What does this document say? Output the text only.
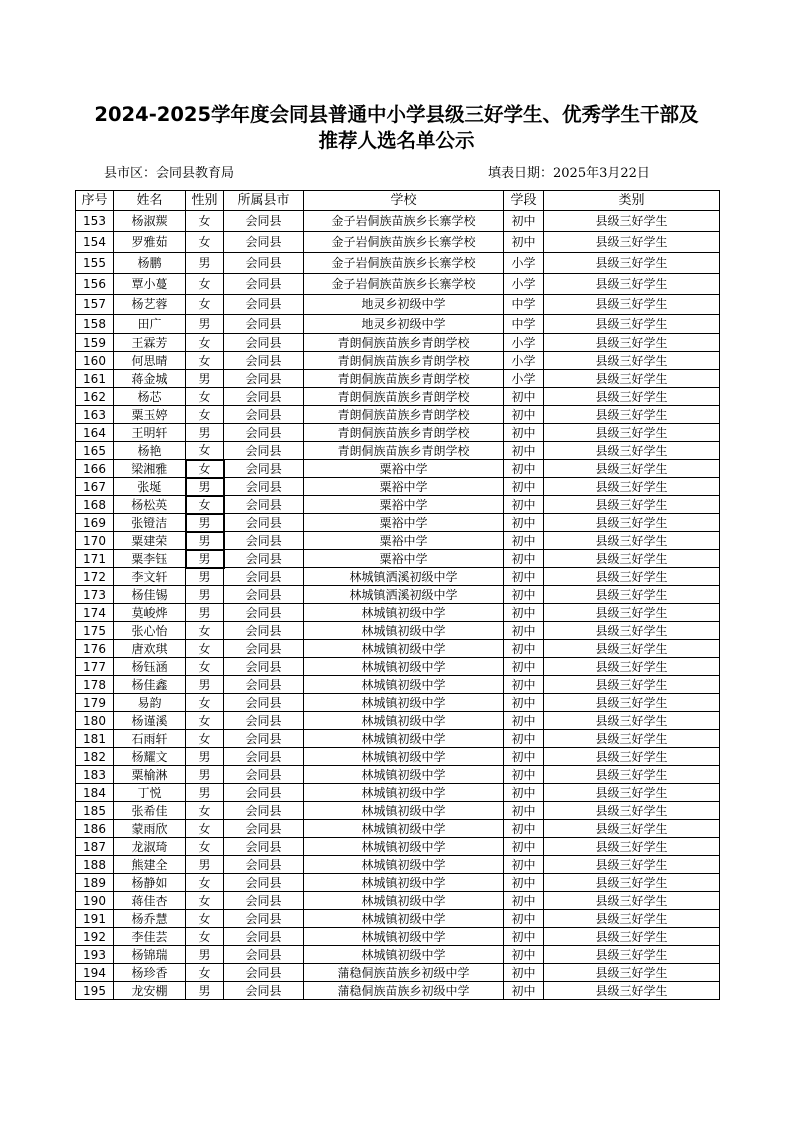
2024-2025学年度会同县普通中小学县级三好学生、优秀学生干部及
推荐人选名单公示
县市区：会同县教育局	填表日期：2025年3月22日
序号	姓名	性别	所属县市	学校	学段	类别
153	杨淑羰	女	会同县	金子岩侗族苗族乡长寨学校	初中	县级三好学生
154	罗雅茹	女	会同县	金子岩侗族苗族乡长寨学校	初中	县级三好学生
155	杨鹏	男	会同县	金子岩侗族苗族乡长寨学校	小学	县级三好学生
156	覃小蔓	女	会同县	金子岩侗族苗族乡长寨学校	小学	县级三好学生
157	杨艺蓉	女	会同县	地灵乡初级中学	中学	县级三好学生
158	田广	男	会同县	地灵乡初级中学	中学	县级三好学生
159	王霖芳	女	会同县	青朗侗族苗族乡青朗学校	小学	县级三好学生
160	何思晴	女	会同县	青朗侗族苗族乡青朗学校	小学	县级三好学生
161	蒋金城	男	会同县	青朗侗族苗族乡青朗学校	小学	县级三好学生
162	杨芯	女	会同县	青朗侗族苗族乡青朗学校	初中	县级三好学生
163	粟玉婷	女	会同县	青朗侗族苗族乡青朗学校	初中	县级三好学生
164	王明轩	男	会同县	青朗侗族苗族乡青朗学校	初中	县级三好学生
165	杨艳	女	会同县	青朗侗族苗族乡青朗学校	初中	县级三好学生
166	梁湘雅	女	会同县	粟裕中学	初中	县级三好学生
167	张埏	男	会同县	粟裕中学	初中	县级三好学生
168	杨松英	女	会同县	粟裕中学	初中	县级三好学生
169	张镫洁	男	会同县	粟裕中学	初中	县级三好学生
170	粟建荣	男	会同县	粟裕中学	初中	县级三好学生
171	粟李钰	男	会同县	粟裕中学	初中	县级三好学生
172	李文轩	男	会同县	林城镇洒溪初级中学	初中	县级三好学生
173	杨佳锡	男	会同县	林城镇洒溪初级中学	初中	县级三好学生
174	莫峻烨	男	会同县	林城镇初级中学	初中	县级三好学生
175	张心怡	女	会同县	林城镇初级中学	初中	县级三好学生
176	唐欢琪	女	会同县	林城镇初级中学	初中	县级三好学生
177	杨钰涵	女	会同县	林城镇初级中学	初中	县级三好学生
178	杨佳鑫	男	会同县	林城镇初级中学	初中	县级三好学生
179	易韵	女	会同县	林城镇初级中学	初中	县级三好学生
180	杨谨溪	女	会同县	林城镇初级中学	初中	县级三好学生
181	石雨轩	女	会同县	林城镇初级中学	初中	县级三好学生
182	杨耀文	男	会同县	林城镇初级中学	初中	县级三好学生
183	粟榆淋	男	会同县	林城镇初级中学	初中	县级三好学生
184	丁悦	男	会同县	林城镇初级中学	初中	县级三好学生
185	张希佳	女	会同县	林城镇初级中学	初中	县级三好学生
186	蒙雨欣	女	会同县	林城镇初级中学	初中	县级三好学生
187	龙淑琦	女	会同县	林城镇初级中学	初中	县级三好学生
188	熊建全	男	会同县	林城镇初级中学	初中	县级三好学生
189	杨静如	女	会同县	林城镇初级中学	初中	县级三好学生
190	蒋佳杏	女	会同县	林城镇初级中学	初中	县级三好学生
191	杨乔慧	女	会同县	林城镇初级中学	初中	县级三好学生
192	李佳芸	女	会同县	林城镇初级中学	初中	县级三好学生
193	杨锦瑞	男	会同县	林城镇初级中学	初中	县级三好学生
194	杨珍香	女	会同县	蒲稳侗族苗族乡初级中学	初中	县级三好学生
195	龙安棚	男	会同县	蒲稳侗族苗族乡初级中学	初中	县级三好学生
